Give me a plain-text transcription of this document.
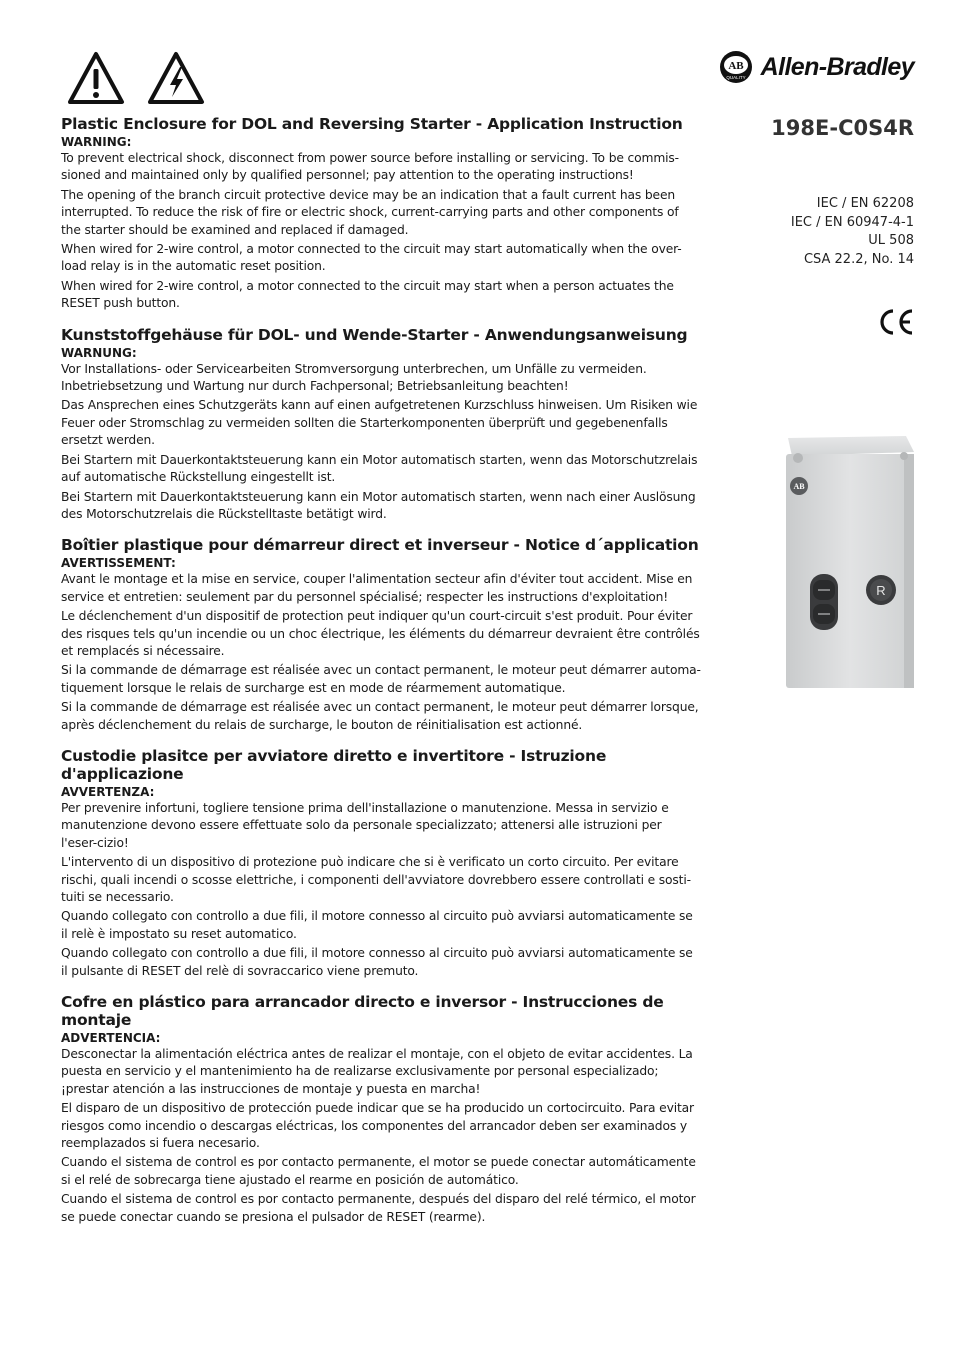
AB
QUALITY Allen-Bradley
198E-C0S4R
IEC / EN 62208
IEC / EN 60947-4-1
UL 508
CSA 22.2, No. 14
AB
R
Plastic Enclosure for DOL and Reversing Starter - Application Instruction
WARNING:

To prevent electrical shock, disconnect from power source before installing or servicing. To be commis-sioned and maintained only by qualified personnel; pay attention to the operating instructions!

The opening of the branch circuit protective device may be an indication that a fault current has been interrupted. To reduce the risk of fire or electric shock, current-carrying parts and other components of the starter should be examined and replaced if damaged.

When wired for 2-wire control, a motor connected to the circuit may start automatically when the over-load relay is in the automatic reset position.

When wired for 2-wire control, a motor connected to the circuit may start when a person actuates the RESET push button.

Kunststoffgehäuse für DOL- und Wende-Starter - Anwendungsanweisung
WARNUNG:

Vor Installations- oder Servicearbeiten Stromversorgung unterbrechen, um Unfälle zu vermeiden. Inbetriebsetzung und Wartung nur durch Fachpersonal; Betriebsanleitung beachten!

Das Ansprechen eines Schutzgeräts kann auf einen aufgetretenen Kurzschluss hinweisen. Um Risiken wie Feuer oder Stromschlag zu vermeiden sollten die Starterkomponenten überprüft und gegebenenfalls ersetzt werden.

Bei Startern mit Dauerkontaktsteuerung kann ein Motor automatisch starten, wenn das Motorschutzrelais auf automatische Rückstellung eingestellt ist.

Bei Startern mit Dauerkontaktsteuerung kann ein Motor automatisch starten, wenn nach einer Auslösung des Motorschutzrelais die Rückstelltaste betätigt wird.

Boîtier plastique pour démarreur direct et inverseur - Notice d´application
AVERTISSEMENT:

Avant le montage et la mise en service, couper l'alimentation secteur afin d'éviter tout accident. Mise en service et entretien: seulement par du personnel spécialisé; respecter les instructions d'exploitation!

Le déclenchement d'un dispositif de protection peut indiquer qu'un court-circuit s'est produit. Pour éviter des risques tels qu'un incendie ou un choc électrique, les éléments du démarreur devraient être contrôlés et remplacés si nécessaire.

Si la commande de démarrage est réalisée avec un contact permanent, le moteur peut démarrer automa-tiquement lorsque le relais de surcharge est en mode de réarmement automatique.

Si la commande de démarrage est réalisée avec un contact permanent, le moteur peut démarrer lorsque, après déclenchement du relais de surcharge, le bouton de réinitialisation est actionné.

Custodie plasitce per avviatore diretto e invertitore - Istruzione d'applicazione
AVVERTENZA:

Per prevenire infortuni, togliere tensione prima dell'installazione o manutenzione. Messa in servizio e manutenzione devono essere effettuate solo da personale specializzato; attenersi alle istruzioni per l'eser-cizio!

L'intervento di un dispositivo di protezione può indicare che si è verificato un corto circuito. Per evitare rischi, quali incendi o scosse elettriche, i componenti dell'avviatore dovrebbero essere controllati e sosti-tuiti se necessario.

Quando collegato con controllo a due fili, il motore connesso al circuito può avviarsi automaticamente se il relè è impostato su reset automatico.

Quando collegato con controllo a due fili, il motore connesso al circuito può avviarsi automaticamente se il pulsante di RESET del relè di sovraccarico viene premuto.

Cofre en plástico para arrancador directo e inversor - Instrucciones de montaje
ADVERTENCIA:

Desconectar la alimentación eléctrica antes de realizar el montaje, con el objeto de evitar accidentes. La puesta en servicio y el mantenimiento ha de realizarse exclusivamente por personal especializado; ¡prestar atención a las instrucciones de montaje y puesta en marcha!

El disparo de un dispositivo de protección puede indicar que se ha producido un cortocircuito. Para evitar riesgos como incendio o descargas eléctricas, los componentes del arrancador deben ser examinados y reemplazados si fuera necesario.

Cuando el sistema de control es por contacto permanente, el motor se puede conectar automáticamente si el relé de sobrecarga tiene ajustado el rearme en posición de automático.

Cuando el sistema de control es por contacto permanente, después del disparo del relé térmico, el motor se puede conectar cuando se presiona el pulsador de RESET (rearme).
